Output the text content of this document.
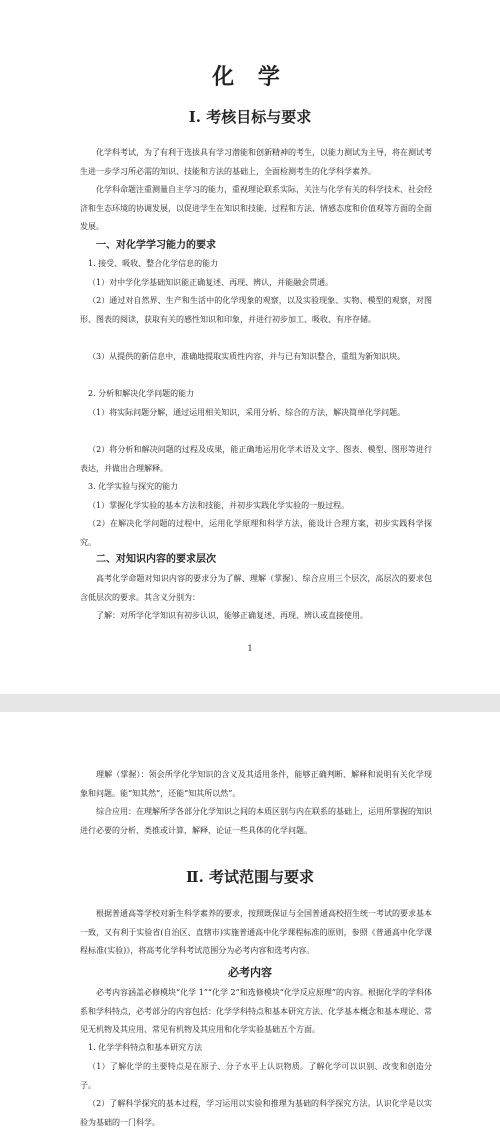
化 学
Ⅰ. 考核目标与要求
化学科考试，为了有利于选拔具有学习潜能和创新精神的考生，以能力测试为主导，将在测试考生进一步学习所必需的知识、技能和方法的基础上，全面检测考生的化学科学素养。
化学科命题注重测量自主学习的能力，重视理论联系实际，关注与化学有关的科学技术、社会经济和生态环境的协调发展，以促进学生在知识和技能、过程和方法、情感态度和价值观等方面的全面发展。
一、对化学学习能力的要求
1. 接受、吸收、整合化学信息的能力
（1）对中学化学基础知识能正确复述、再现、辨认，并能融会贯通。
（2）通过对自然界、生产和生活中的化学现象的观察，以及实验现象、实物、模型的观察，对图形、图表的阅读，获取有关的感性知识和印象，并进行初步加工、吸收、有序存储。
（3）从提供的新信息中，准确地提取实质性内容，并与已有知识整合，重组为新知识块。
2. 分析和解决化学问题的能力
（1）将实际问题分解，通过运用相关知识，采用分析、综合的方法，解决简单化学问题。
（2）将分析和解决问题的过程及成果，能正确地运用化学术语及文字、图表、模型、图形等进行表达，并做出合理解释。
3. 化学实验与探究的能力
（1）掌握化学实验的基本方法和技能，并初步实践化学实验的一般过程。
（2）在解决化学问题的过程中，运用化学原理和科学方法，能设计合理方案，初步实践科学探究。
二、对知识内容的要求层次
高考化学命题对知识内容的要求分为了解、理解（掌握）、综合应用三个层次，高层次的要求包含低层次的要求。其含义分别为：
了解：对所学化学知识有初步认识，能够正确复述、再现、辨认或直接使用。
1
理解（掌握）：领会所学化学知识的含义及其适用条件，能够正确判断、解释和说明有关化学现象和问题。能“知其然”，还能“知其所以然”。
综合应用：在理解所学各部分化学知识之间的本质区别与内在联系的基础上，运用所掌握的知识进行必要的分析、类推或计算，解释、论证一些具体的化学问题。
Ⅱ. 考试范围与要求
根据普通高等学校对新生科学素养的要求，按照既保证与全国普通高校招生统一考试的要求基本一致，又有利于实验省(自治区、直辖市)实施普通高中化学课程标准的原则，参照《普通高中化学课程标准(实验)》，将高考化学科考试范围分为必考内容和选考内容。
必考内容
必考内容涵盖必修模块“化学 1”“化学 2”和选修模块“化学反应原理”的内容。根据化学的学科体系和学科特点，必考部分的内容包括：化学学科特点和基本研究方法、化学基本概念和基本理论、常见无机物及其应用、常见有机物及其应用和化学实验基础五个方面。
1. 化学学科特点和基本研究方法
（1）了解化学的主要特点是在原子、分子水平上认识物质。了解化学可以识别、改变和创造分子。
（2）了解科学探究的基本过程，学习运用以实验和推理为基础的科学探究方法。认识化学是以实验为基础的一门科学。
